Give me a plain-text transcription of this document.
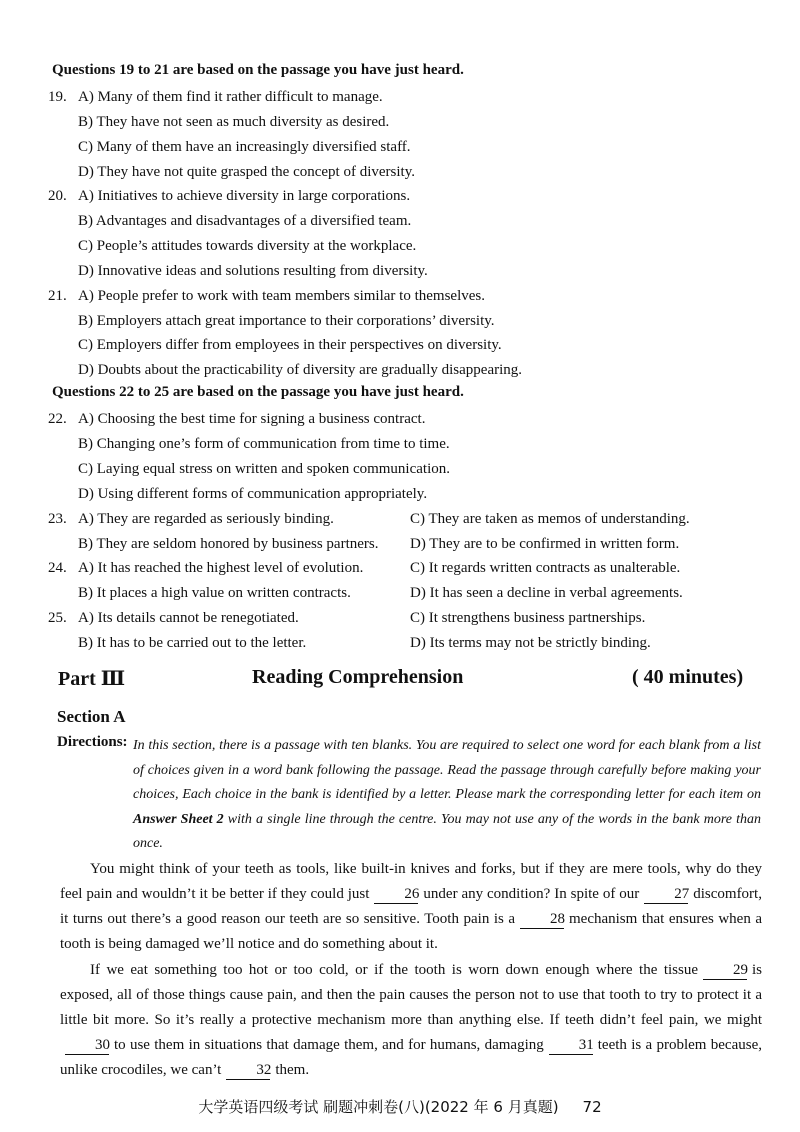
Questions 19 to 21 are based on the passage you have just heard.
19. A) Many of them find it rather difficult to manage.
B) They have not seen as much diversity as desired.
C) Many of them have an increasingly diversified staff.
D) They have not quite grasped the concept of diversity.
20. A) Initiatives to achieve diversity in large corporations.
B) Advantages and disadvantages of a diversified team.
C) People’s attitudes towards diversity at the workplace.
D) Innovative ideas and solutions resulting from diversity.
21. A) People prefer to work with team members similar to themselves.
B) Employers attach great importance to their corporations’ diversity.
C) Employers differ from employees in their perspectives on diversity.
D) Doubts about the practicability of diversity are gradually disappearing.
Questions 22 to 25 are based on the passage you have just heard.
22. A) Choosing the best time for signing a business contract.
B) Changing one’s form of communication from time to time.
C) Laying equal stress on written and spoken communication.
D) Using different forms of communication appropriately.
23. A) They are regarded as seriously binding.	C) They are taken as memos of understanding.
B) They are seldom honored by business partners. D) They are to be confirmed in written form.
24. A) It has reached the highest level of evolution.	C) It regards written contracts as unalterable.
B) It places a high value on written contracts.	D) It has seen a decline in verbal agreements.
25. A) Its details cannot be renegotiated.	C) It strengthens business partnerships.
B) It has to be carried out to the letter.	D) Its terms may not be strictly binding.
Part Ⅲ	Reading Comprehension	( 40 minutes)
Section A
Directions: In this section, there is a passage with ten blanks. You are required to select one word for each blank from a list of choices given in a word bank following the passage. Read the passage through carefully before making your choices, Each choice in the bank is identified by a letter. Please mark the corresponding letter for each item on Answer Sheet 2 with a single line through the centre. You may not use any of the words in the bank more than once.
You might think of your teeth as tools, like built-in knives and forks, but if they are mere tools, why do they feel pain and wouldn’t it be better if they could just 26 under any condition? In spite of our 27 discomfort, it turns out there’s a good reason our teeth are so sensitive. Tooth pain is a 28 mechanism that ensures when a tooth is being damaged we’ll notice and do something about it.
If we eat something too hot or too cold, or if the tooth is worn down enough where the tissue 29 is exposed, all of those things cause pain, and then the pain causes the person not to use that tooth to try to protect it a little bit more. So it’s really a protective mechanism more than anything else. If teeth didn’t feel pain, we might30 to use them in situations that damage them, and for humans, damaging 31 teeth is a problem because, unlike crocodiles, we can’t 32 them.
大学英语四级考试 刷题冲刺卷(八)(2022 年 6 月真题) 72
